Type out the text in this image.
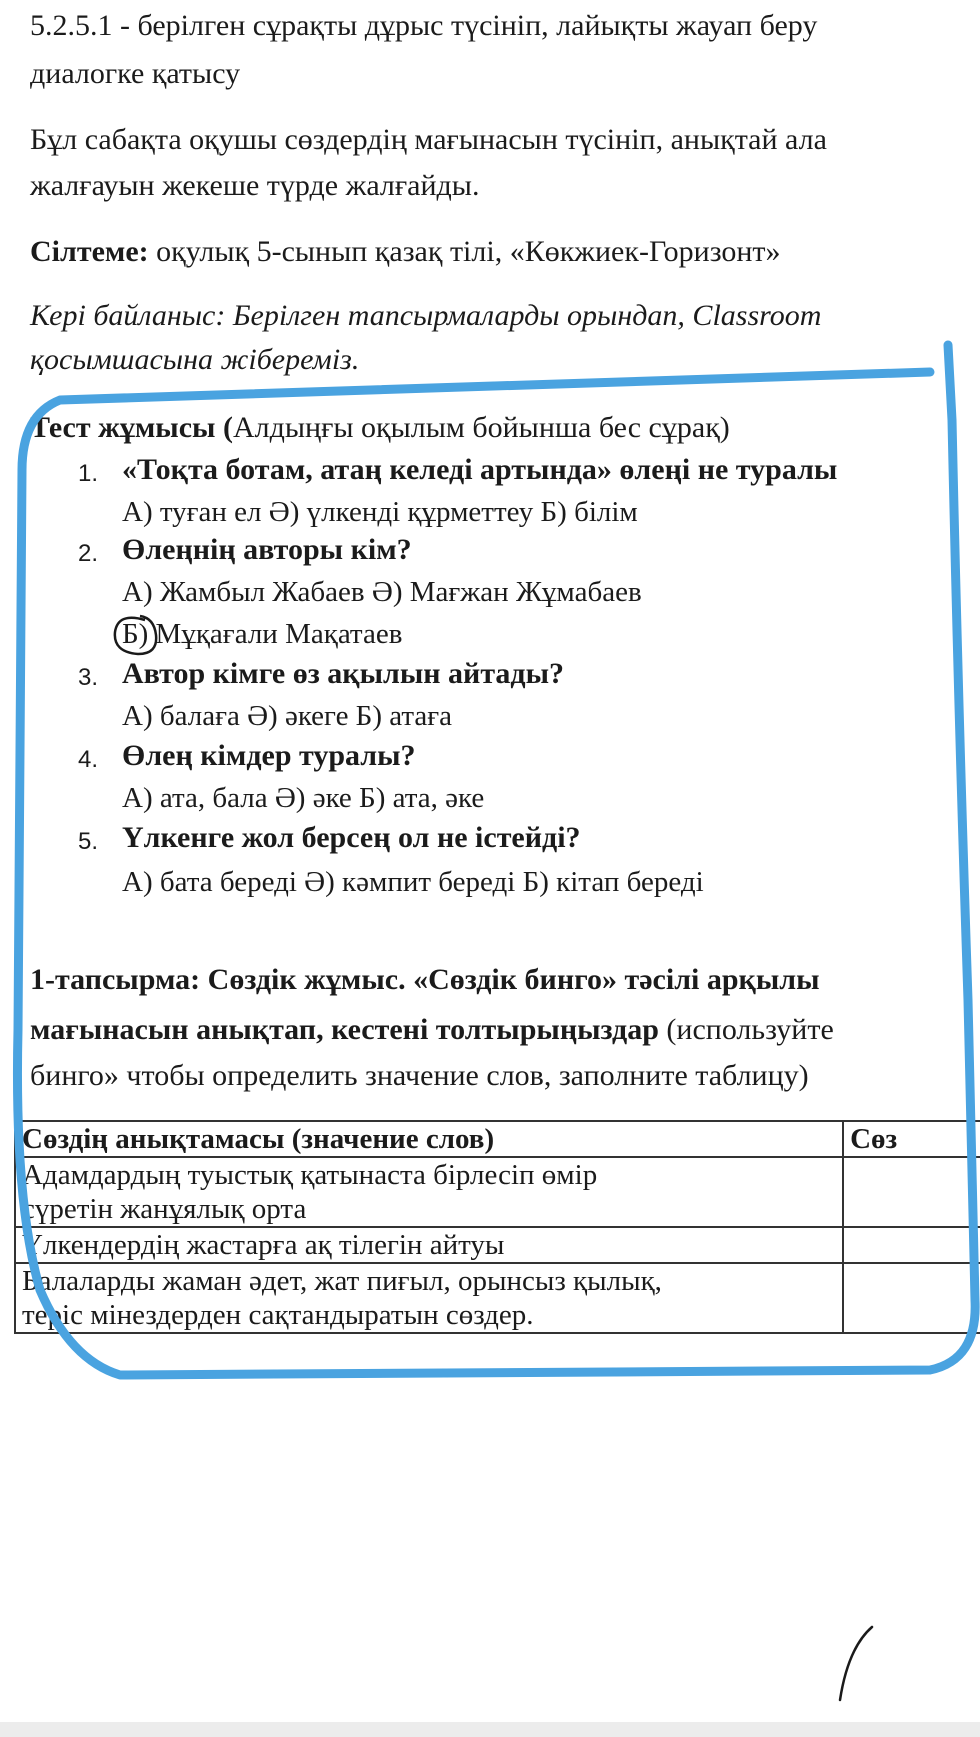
5.2.5.1 - берілген сұрақты дұрыс түсініп, лайықты жауап беру
диалогке қатысу
Бұл сабақта оқушы сөздердің мағынасын түсініп, анықтай ала
жалғауын жекеше түрде жалғайды.
Сілтеме: оқулық 5-сынып қазақ тілі, «Көкжиек-Горизонт»
Кері байланыс: Берілген тапсырмаларды орындап, Classroom
қосымшасына жібереміз.
Тест жұмысы (Алдыңғы оқылым бойынша бес сұрақ)
1. «Тоқта ботам, атаң келеді артында» өлеңі не туралы
А) туған ел Ә) үлкенді құрметтеу Б) білім
2. Өлеңнің авторы кім?
А) Жамбыл Жабаев Ә) Мағжан Жұмабаев
Б) Мұқағали Мақатаев
3. Автор кімге өз ақылын айтады?
А) балаға Ә) әкеге Б) атаға
4. Өлең кімдер туралы?
А) ата, бала Ә) әке Б) ата, әке
5. Үлкенге жол берсең ол не істейді?
А) бата береді Ә) кәмпит береді Б) кітап береді
1-тапсырма: Сөздік жұмыс. «Сөздік бинго» тәсілі арқылы
мағынасын анықтап, кестені толтырыңыздар (используйте
бинго» чтобы определить значение слов, заполните таблицу)
Сөздің анықтамасы (значение слов)	Сөз

Адамдардың туыстық қатынаста бірлесіп өмір
сүретін жанұялық орта	

Үлкендердің жастарға ақ тілегін айтуы	

Балаларды жаман әдет, жат пиғыл, орынсыз қылық,
теріс мінездерден сақтандыратын сөздер.	
